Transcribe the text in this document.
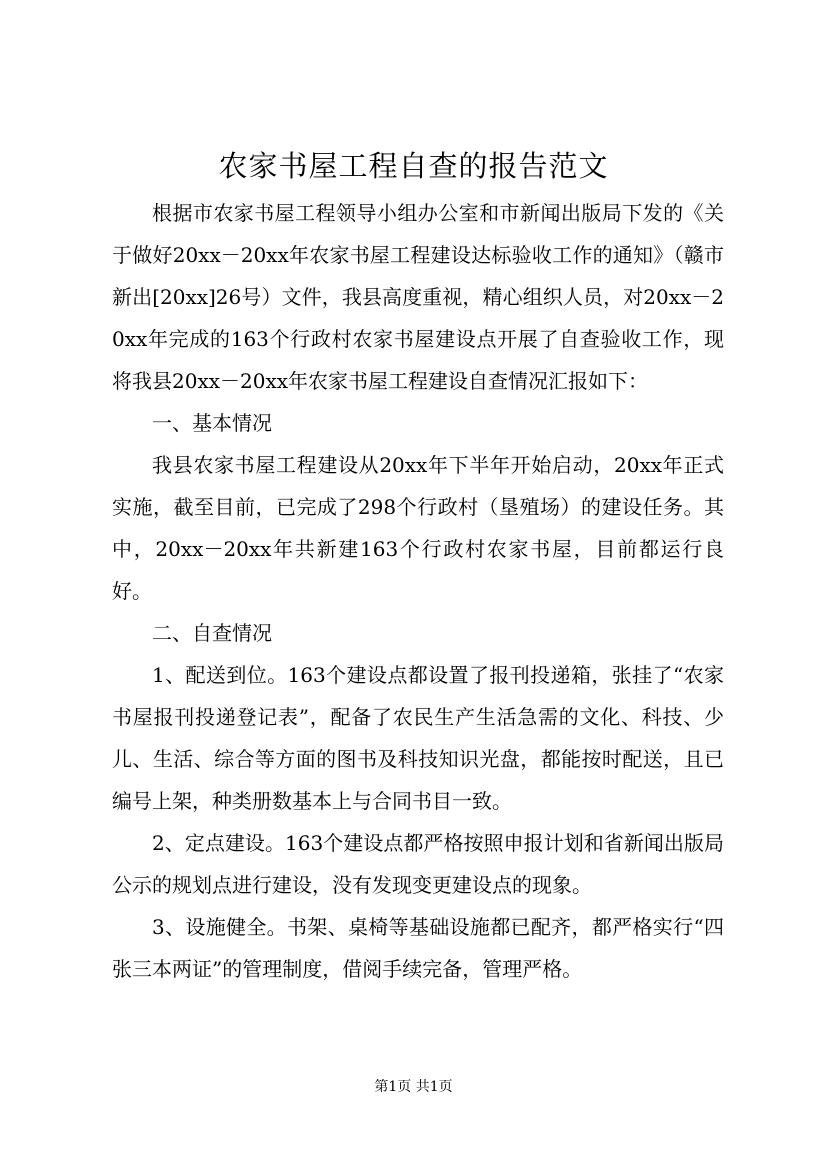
农家书屋工程自查的报告范文

根据市农家书屋工程领导小组办公室和市新闻出版局下发的《关于做好20xx－20xx年农家书屋工程建设达标验收工作的通知》（赣市新出[20xx]26号）文件，我县高度重视，精心组织人员，对20xx－20xx年完成的163个行政村农家书屋建设点开展了自查验收工作，现将我县20xx－20xx年农家书屋工程建设自查情况汇报如下：

一、基本情况

我县农家书屋工程建设从20xx年下半年开始启动，20xx年正式实施，截至目前，已完成了298个行政村（垦殖场）的建设任务。其中，20xx－20xx年共新建163个行政村农家书屋，目前都运行良好。

二、自查情况

1、配送到位。163个建设点都设置了报刊投递箱，张挂了“农家书屋报刊投递登记表”，配备了农民生产生活急需的文化、科技、少儿、生活、综合等方面的图书及科技知识光盘，都能按时配送，且已编号上架，种类册数基本上与合同书目一致。

2、定点建设。163个建设点都严格按照申报计划和省新闻出版局公示的规划点进行建设，没有发现变更建设点的现象。

3、设施健全。书架、桌椅等基础设施都已配齐，都严格实行“四张三本两证”的管理制度，借阅手续完备，管理严格。

第1页 共1页
